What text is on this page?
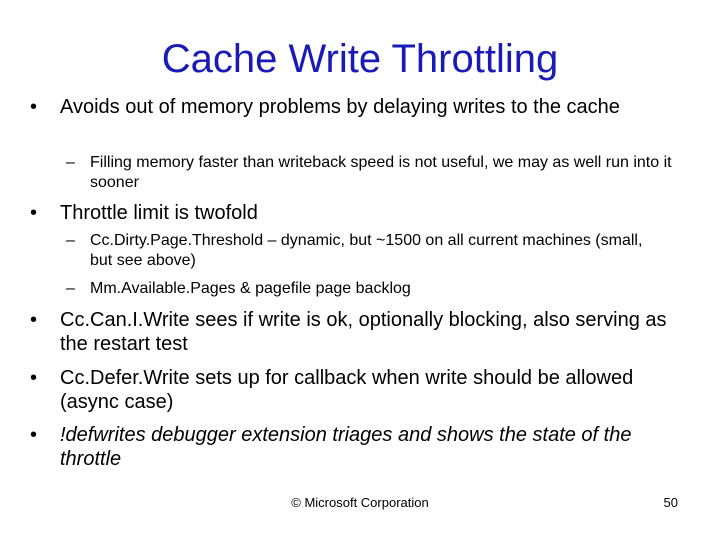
Cache Write Throttling
•	Avoids out of memory problems by delaying writes to the cache
– Filling memory faster than writeback speed is not useful, we may as well run into it sooner
•	Throttle limit is twofold
– Cc.Dirty.Page.Threshold – dynamic, but ~1500 on all current machines (small, but see above)
– Mm.Available.Pages & pagefile page backlog
•	Cc.Can.I.Write sees if write is ok, optionally blocking, also serving as the restart test
•	Cc.Defer.Write sets up for callback when write should be allowed (async case)
•	!defwrites debugger extension triages and shows the state of the throttle
© Microsoft Corporation	50
